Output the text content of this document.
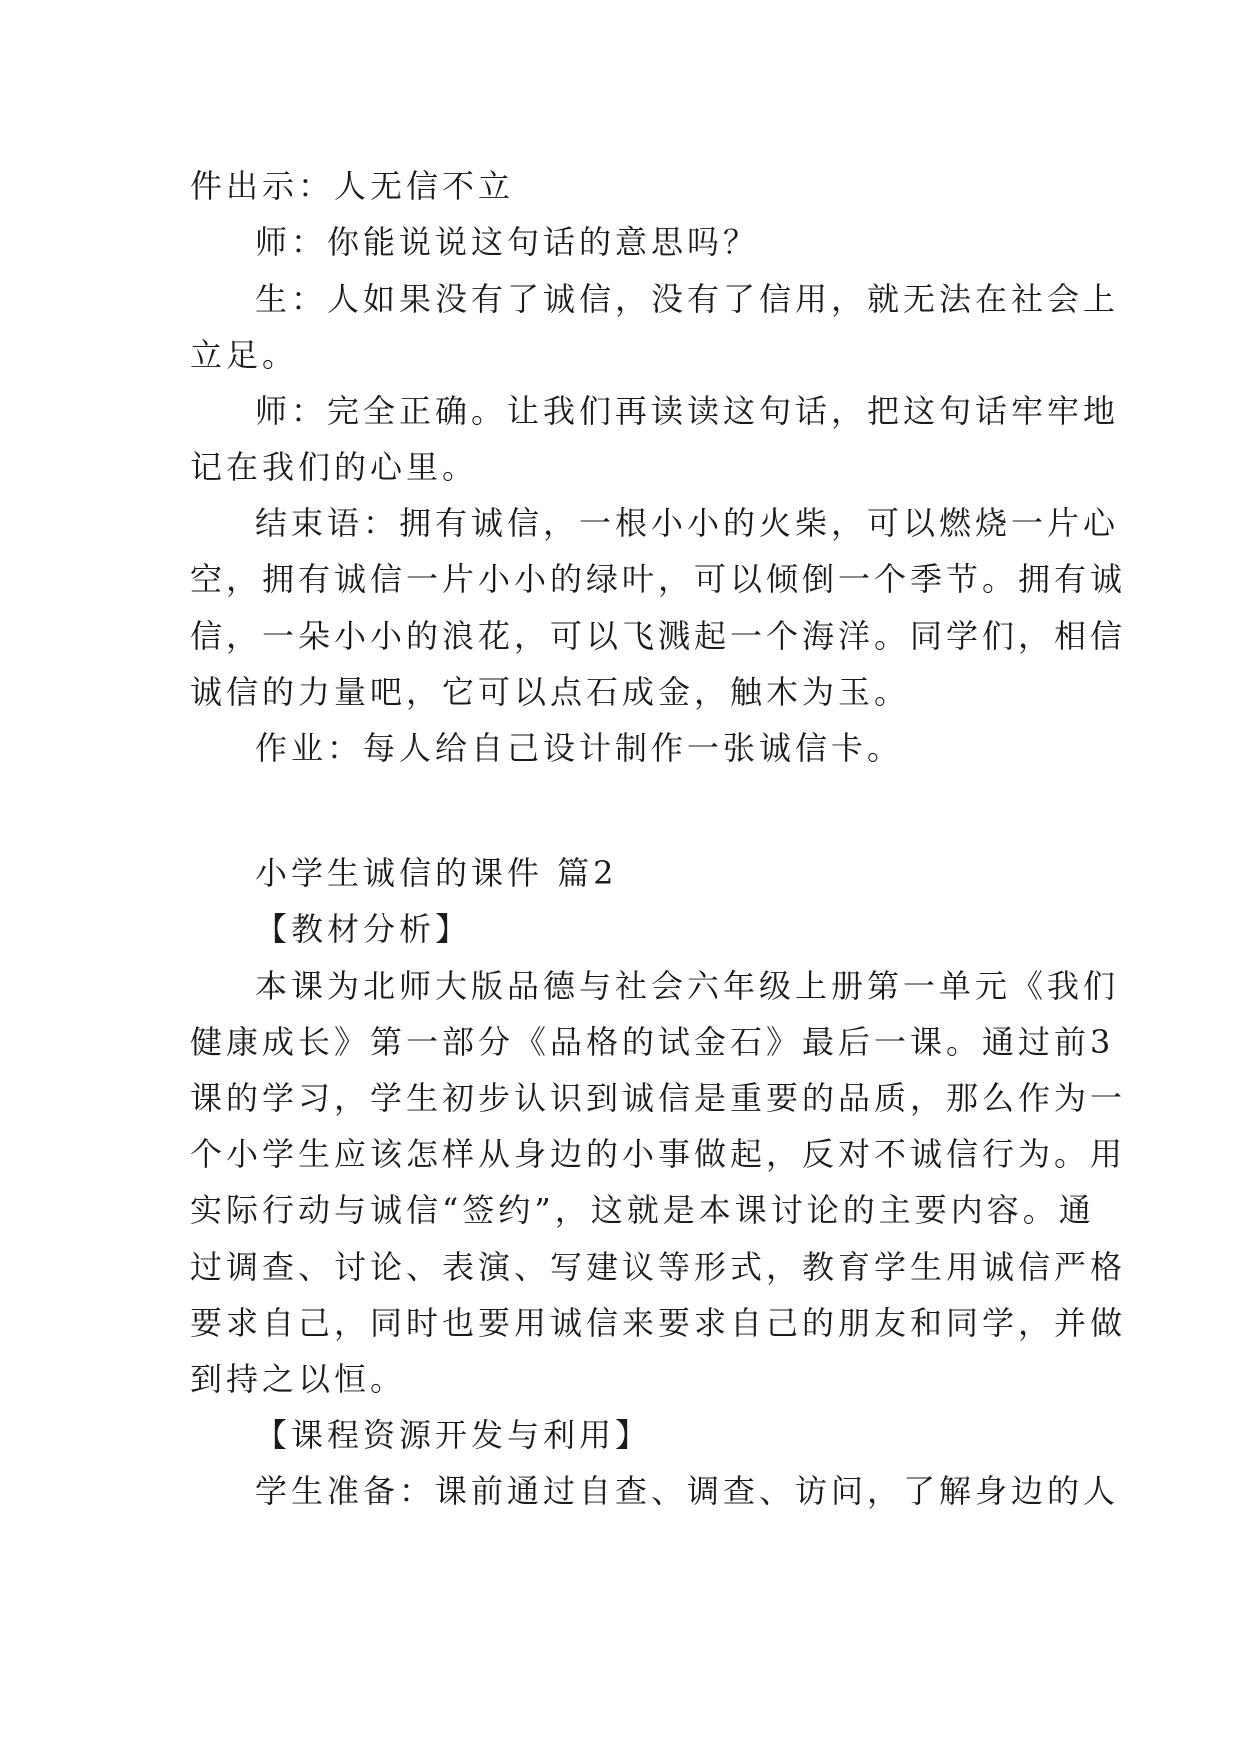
件出示：人无信不立
师：你能说说这句话的意思吗？
生：人如果没有了诚信，没有了信用，就无法在社会上
立足。
师：完全正确。让我们再读读这句话，把这句话牢牢地
记在我们的心里。
结束语：拥有诚信，一根小小的火柴，可以燃烧一片心
空，拥有诚信一片小小的绿叶，可以倾倒一个季节。拥有诚
信，一朵小小的浪花，可以飞溅起一个海洋。同学们，相信
诚信的力量吧，它可以点石成金，触木为玉。
作业：每人给自己设计制作一张诚信卡。
小学生诚信的课件 篇2
【教材分析】
本课为北师大版品德与社会六年级上册第一单元《我们
健康成长》第一部分《品格的试金石》最后一课。通过前3
课的学习，学生初步认识到诚信是重要的品质，那么作为一
个小学生应该怎样从身边的小事做起，反对不诚信行为。用
实际行动与诚信“签约”，这就是本课讨论的主要内容。通
过调查、讨论、表演、写建议等形式，教育学生用诚信严格
要求自己，同时也要用诚信来要求自己的朋友和同学，并做
到持之以恒。
【课程资源开发与利用】
学生准备：课前通过自查、调查、访问，了解身边的人
